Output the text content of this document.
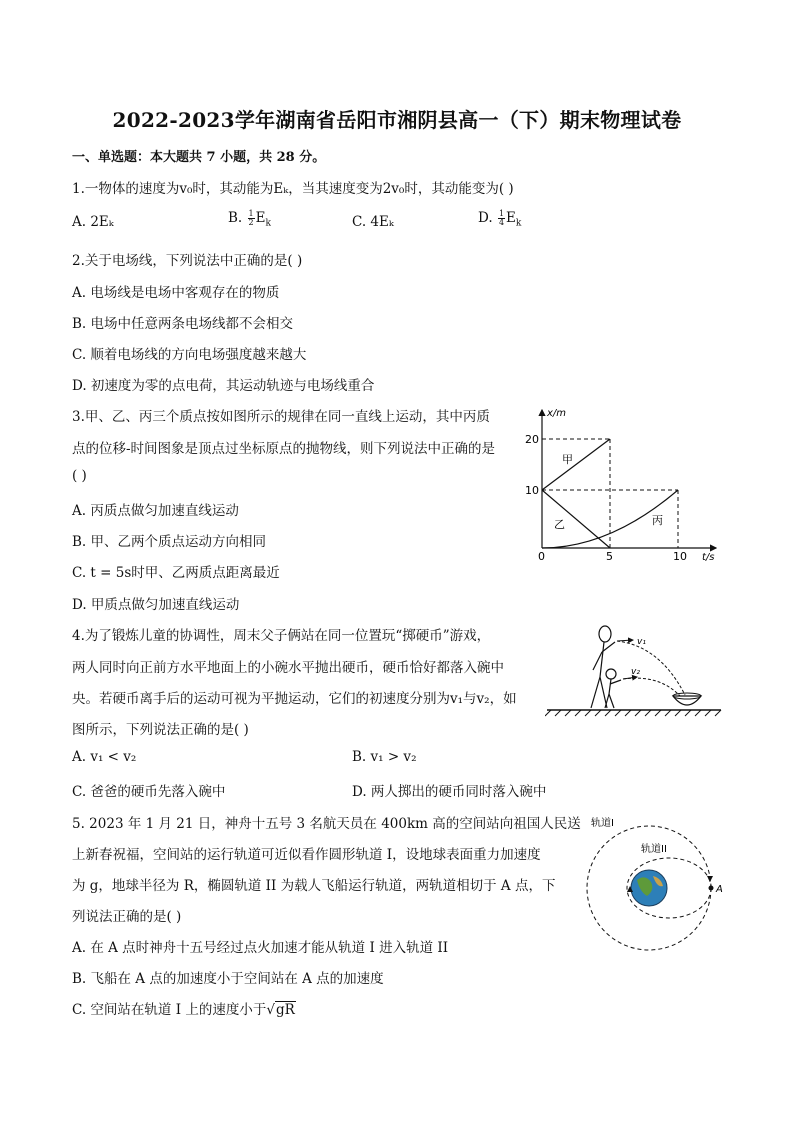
2022-2023学年湖南省岳阳市湘阴县高一（下）期末物理试卷
一、单选题：本大题共 7 小题，共 28 分。
1.一物体的速度为v₀时，其动能为Eₖ，当其速度变为2v₀时，其动能变为( )
A. 2Eₖ	B. $\frac{1}{2} E_k$	C. 4Eₖ	D. $\frac{1}{4} E_k$
2.关于电场线，下列说法中正确的是( )
A. 电场线是电场中客观存在的物质
B. 电场中任意两条电场线都不会相交
C. 顺着电场线的方向电场强度越来越大
D. 初速度为零的点电荷，其运动轨迹与电场线重合
3.甲、乙、丙三个质点按如图所示的规律在同一直线上运动，其中丙质
点的位移-时间图象是顶点过坐标原点的抛物线，则下列说法中正确的是
( )
A. 丙质点做匀加速直线运动
B. 甲、乙两个质点运动方向相同
C. t = 5s时甲、乙两质点距离最近
D. 甲质点做匀加速直线运动
x/m
t/s
20
10
0	5	10
甲
乙	丙
4.为了锻炼儿童的协调性，周末父子俩站在同一位置玩“掷硬币”游戏，
两人同时向正前方水平地面上的小碗水平抛出硬币，硬币恰好都落入碗中
央。若硬币离手后的运动可视为平抛运动，它们的初速度分别为v₁与v₂，如
图所示，下列说法正确的是( )
A. v₁ < v₂	B. v₁ > v₂
C. 爸爸的硬币先落入碗中	D. 两人掷出的硬币同时落入碗中
v₁
v₂
5. 2023 年 1 月 21 日，神舟十五号 3 名航天员在 400km 高的空间站向祖国人民送
上新春祝福，空间站的运行轨道可近似看作圆形轨道 I，设地球表面重力加速度
为 g，地球半径为 R，椭圆轨道 II 为载人飞船运行轨道，两轨道相切于 A 点，下
列说法正确的是( )
A. 在 A 点时神舟十五号经过点火加速才能从轨道 I 进入轨道 II
B. 飞船在 A 点的加速度小于空间站在 A 点的加速度
C. 空间站在轨道 I 上的速度小于√gR
轨道I
轨道II
A
